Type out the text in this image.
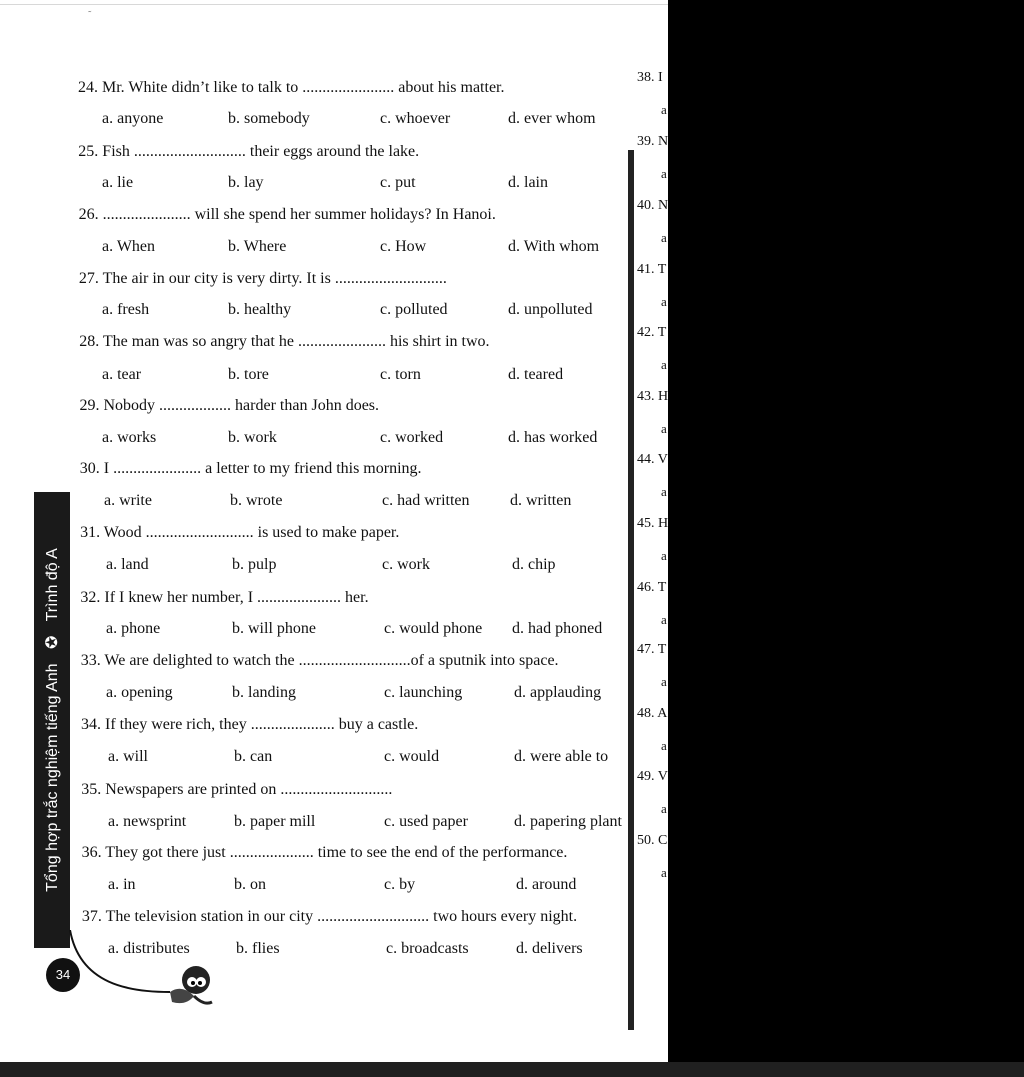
˜
24. Mr. White didn’t like to talk to ....................... about his matter.
a. anyone	b. somebody	c. whoever	d. ever whom
25. Fish ............................ their eggs around the lake.
a. lie	b. lay	c. put	d. lain
26. ...................... will she spend her summer holidays? In Hanoi.
a. When	b. Where	c. How	d. With whom
27. The air in our city is very dirty. It is ............................
a. fresh	b. healthy	c. polluted	d. unpolluted
28. The man was so angry that he ...................... his shirt in two.
a. tear	b. tore	c. torn	d. teared
29. Nobody .................. harder than John does.
a. works	b. work	c. worked	d. has worked
30. I ...................... a letter to my friend this morning.
a. write	b. wrote	c. had written	d. written
31. Wood ........................... is used to make paper.
a. land	b. pulp	c. work	d. chip
32. If I knew her number, I ..................... her.
a. phone	b. will phone	c. would phone d. had phoned
33. We are delighted to watch the ............................of a sputnik into space.
a. opening	b. landing	c. launching	d. applauding
34. If they were rich, they ..................... buy a castle.
a. will	b. can	c. would	d. were able to
35. Newspapers are printed on ............................
a. newsprint	b. paper mill	c. used paper	d. papering plant
36. They got there just ..................... time to see the end of the performance.
a. in	b. on	c. by	d. around
37. The television station in our city ............................ two hours every night.
a. distributes	b. flies	c. broadcasts	d. delivers
Tổng hợp trắc nghiệm tiếng Anh ✪ Trình độ A
34
38. I
a
39. N
a
40. N
a
41. T
a
42. T
a
43. H
a
44. V
a
45. H
a
46. T
a
47. T
a
48. A
a
49. V
a
50. C
a
